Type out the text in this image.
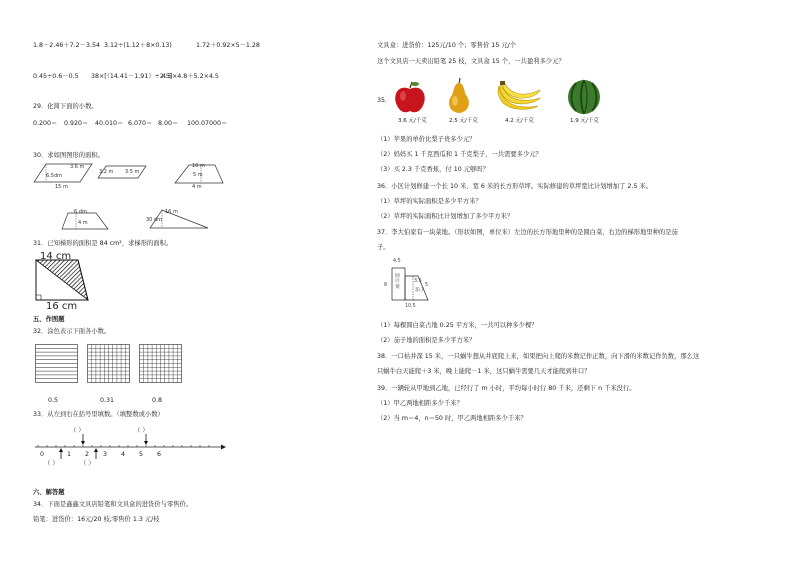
1.8－2.46＋7.2－3.54 3.12÷(1.12＋8×0.13)	1.72＋0.92×5－1.28
0.45÷0.6－0.5 38×[（14.41－1.91）÷2.5]
4.5×4.8＋5.2×4.5
29．化简下面的小数。
0.200＝ 0.920＝ 40.010＝ 6.070＝ 8.00＝ 100.07000＝
30．求如图图形的面积。
6.5dm
3.6 m
15 m
3.2 m 3.5 m
10 m
5 m
4 m
6 dm
4 m
16 m
30 dm
31．已知梯形的面积是 84 cm²，求梯形的面积。
14 cm
16 cm
五、作图题
32．涂色表示下面各小数。
0.5	0.31	0.8
33．从左到右在括号里填数。（填整数或小数）
0	1 2 3 4 5 6
（ ）	（ ）
（ ）	（ ）
六、解答题
34．下面是鑫鑫文具店铅笔和文具盒的进货价与零售价。
铅笔：进货价：16元/20 枝;零售价 1.3 元/枝
文具盒：进货价：125元/10 个；零售价 15 元/个
这个文具店一天卖出铅笔 25 枝，文具盒 15 个，一共盈利多少元？
35．
3.6 元/千克	2.5 元/千克	4.2 元/千克	1.9 元/千克
（1）苹果的单价比梨子贵多少元？
（2）妈妈买 1 千克西瓜和 1 千克梨子，一共需要多少元？
（3）买 2.3 千克香蕉，付 10 元够吗？
36．小区计划修建一个长 10 米、宽 6 米的长方形草坪。实际修建的草坪宽比计划增加了 2.5 米。
（1）草坪的实际面积是多少平方米？
（2）草坪的实际面积比计划增加了多少平方米？
37．李大伯家有一块菜地。（形状如图，单位米）左边的长方形地里种的是圆白菜，右边的梯形地里种的是茄
子。
4.5
8
圆白菜
3.5
茄子
5
10.5
（1）每棵圆白菜占地 0.25 平方米，一共可以种多少棵？
（2）茄子地的面积是多少平方米？
38．一口枯井深 15 米，一只蜗牛想从井底爬上来，如果把向上爬的米数记作正数，向下滑的米数记作负数，那么这
只蜗牛白天能爬＋3 米，晚上能爬－1 米，这只蜗牛需要几天才能爬到井口？
39．一辆轮从甲地到乙地，已经行了 m 小时，平均每小时行 80 千米，还剩下 n 千米没行。
（1）甲乙两地相距多少千米？
（2）当 m＝4，n＝50 时，甲乙两地相距多少千米？
